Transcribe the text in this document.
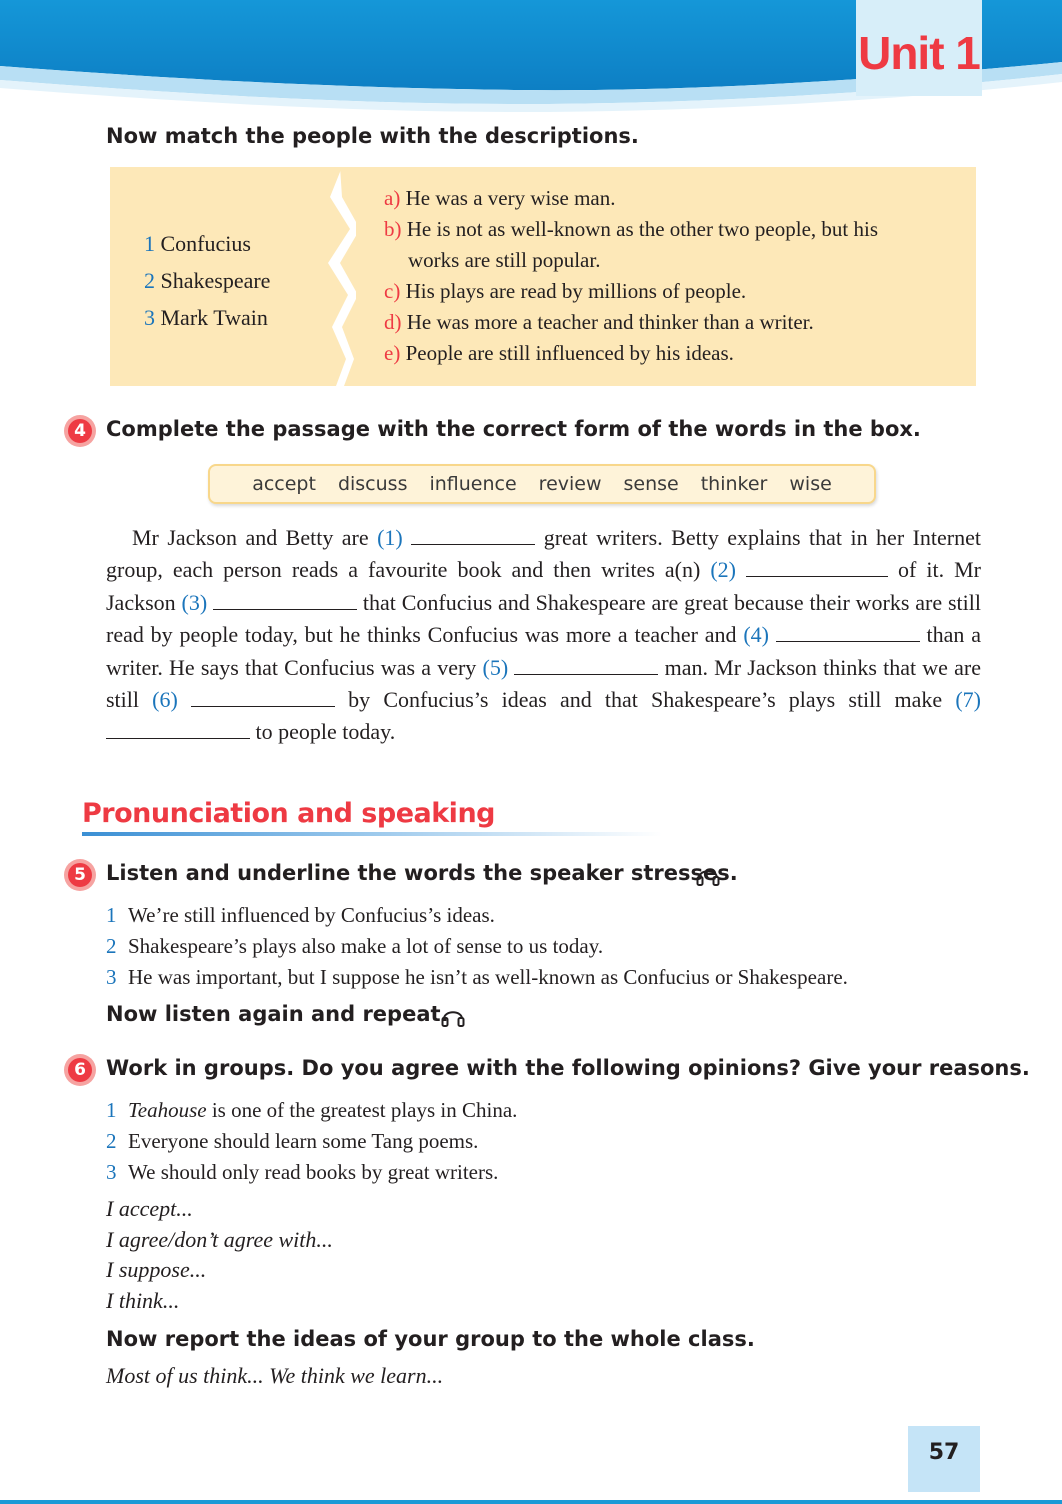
Unit 1
Now match the people with the descriptions.
1 Confucius
2 Shakespeare
3 Mark Twain
a) He was a very wise man.
b) He is not as well-known as the other two people, but his
works are still popular.
c) His plays are read by millions of people.
d) He was more a teacher and thinker than a writer.
e) People are still influenced by his ideas.
4 Complete the passage with the correct form of the words in the box.
accept discuss influence review sense thinker wise
Mr Jackson and Betty are (1)	great writers. Betty explains that in her Internet group, each person reads a favourite book and then writes a(n) (2)	of it. Mr Jackson (3)	that Confucius and Shakespeare are great because their works are still read by people today, but he thinks Confucius was more a teacher and (4)	than a writer. He says that Confucius was a very (5)	man. Mr Jackson thinks that we are still (6)	by Confucius’s ideas and that Shakespeare’s plays still make (7)  to people today.
Pronunciation and speaking
5 Listen and underline the words the speaker stresses.
1 We’re still influenced by Confucius’s ideas.
2 Shakespeare’s plays also make a lot of sense to us today.
3 He was important, but I suppose he isn’t as well-known as Confucius or Shakespeare.
Now listen again and repeat.
6 Work in groups. Do you agree with the following opinions? Give your reasons.
1 Teahouse is one of the greatest plays in China.
2 Everyone should learn some Tang poems.
3 We should only read books by great writers.
I accept...
I agree/don’t agree with...
I suppose...
I think...
Now report the ideas of your group to the whole class.
Most of us think... We think we learn...
57
